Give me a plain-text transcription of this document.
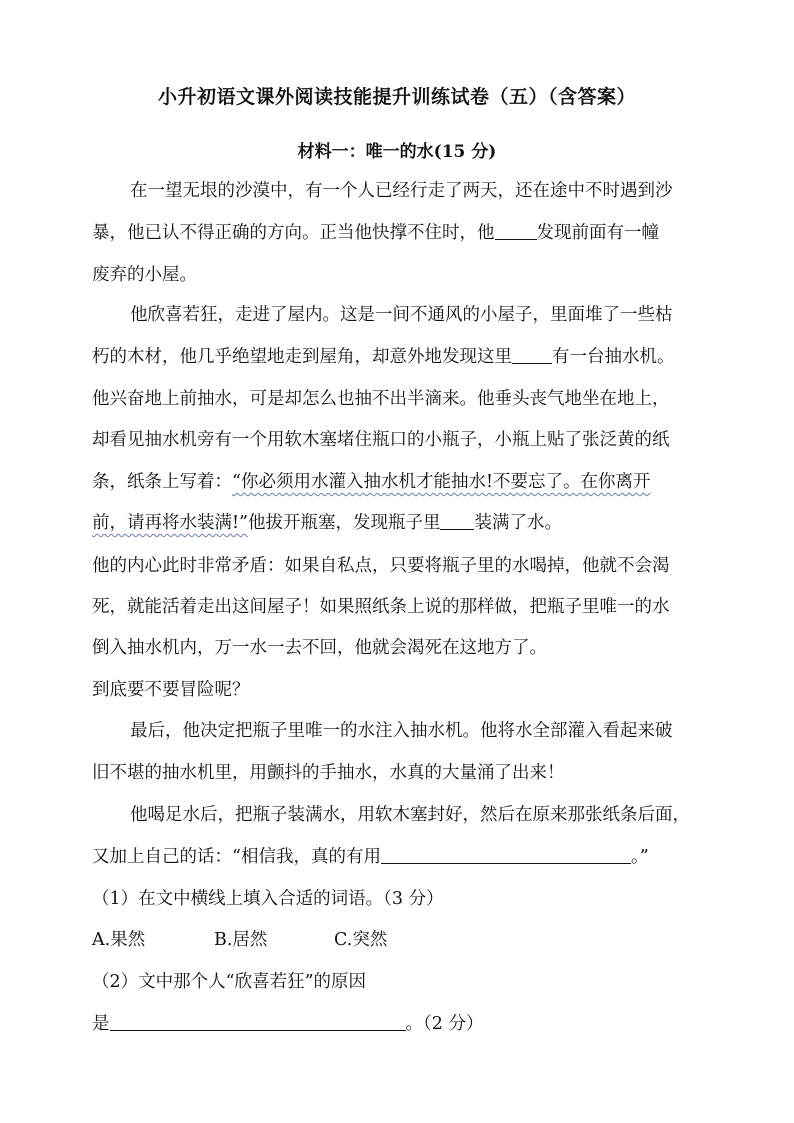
小升初语文课外阅读技能提升训练试卷（五）（含答案）
材料一：唯一的水(15 分)
在一望无垠的沙漠中，有一个人已经行走了两天，还在途中不时遇到沙
暴，他已认不得正确的方向。正当他快撑不住时，他 发现前面有一幢
废弃的小屋。
他欣喜若狂，走进了屋内。这是一间不通风的小屋子，里面堆了一些枯
朽的木材，他几乎绝望地走到屋角，却意外地发现这里 有一台抽水机。
他兴奋地上前抽水，可是却怎么也抽不出半滴来。他垂头丧气地坐在地上，
却看见抽水机旁有一个用软木塞堵住瓶口的小瓶子，小瓶上贴了张泛黄的纸
条，纸条上写着：“你必须用水灌入抽水机才能抽水!不要忘了。在你离开
前，请再将水装满!”他拔开瓶塞，发现瓶子里 装满了水。
他的内心此时非常矛盾：如果自私点，只要将瓶子里的水喝掉，他就不会渴
死，就能活着走出这间屋子！如果照纸条上说的那样做，把瓶子里唯一的水
倒入抽水机内，万一水一去不回，他就会渴死在这地方了。
到底要不要冒险呢？
最后，他决定把瓶子里唯一的水注入抽水机。他将水全部灌入看起来破
旧不堪的抽水机里，用颤抖的手抽水，水真的大量涌了出来！
他喝足水后，把瓶子装满水，用软木塞封好，然后在原来那张纸条后面，
又加上自己的话：“相信我，真的有用	。”
（1）在文中横线上填入合适的词语。（3 分）
A.果然	B.居然	C.突然
（2）文中那个人“欣喜若狂”的原因
是	。（2 分）
